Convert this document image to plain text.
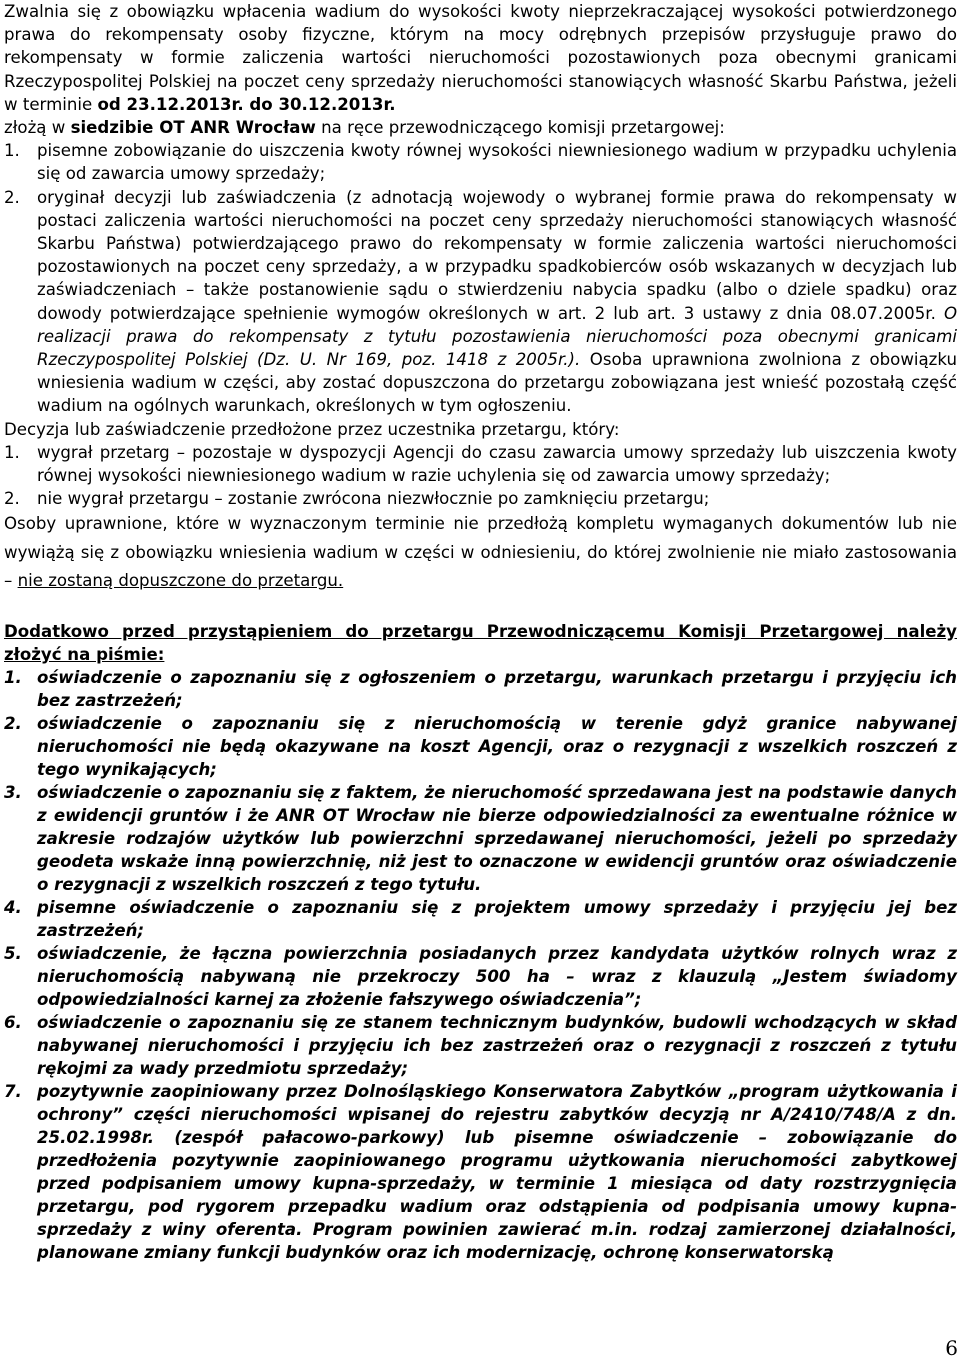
Zwalnia się z obowiązku wpłacenia wadium do wysokości kwoty nieprzekraczającej wysokości potwierdzonego prawa do rekompensaty osoby fizyczne, którym na mocy odrębnych przepisów przysługuje prawo do rekompensaty w formie zaliczenia wartości nieruchomości pozostawionych poza obecnymi granicami Rzeczypospolitej Polskiej na poczet ceny sprzedaży nieruchomości stanowiących własność Skarbu Państwa, jeżeli w terminie od 23.12.2013r. do 30.12.2013r.
złożą w siedzibie OT ANR Wrocław na ręce przewodniczącego komisji przetargowej:

1.	pisemne zobowiązanie do uiszczenia kwoty równej wysokości niewniesionego wadium w przypadku uchylenia się od zawarcia umowy sprzedaży;
2.	oryginał decyzji lub zaświadczenia (z adnotacją wojewody o wybranej formie prawa do rekompensaty w postaci zaliczenia wartości nieruchomości na poczet ceny sprzedaży nieruchomości stanowiących własność Skarbu Państwa) potwierdzającego prawo do rekompensaty w formie zaliczenia wartości nieruchomości pozostawionych na poczet ceny sprzedaży, a w przypadku spadkobierców osób wskazanych w decyzjach lub zaświadczeniach – także postanowienie sądu o stwierdzeniu nabycia spadku (albo o dziele spadku) oraz dowody potwierdzające spełnienie wymogów określonych w art. 2 lub art. 3 ustawy z dnia 08.07.2005r. O realizacji prawa do rekompensaty z tytułu pozostawienia nieruchomości poza obecnymi granicami Rzeczypospolitej Polskiej (Dz. U. Nr 169, poz. 1418 z 2005r.). Osoba uprawniona zwolniona z obowiązku wniesienia wadium w części, aby zostać dopuszczona do przetargu zobowiązana jest wnieść pozostałą część wadium na ogólnych warunkach, określonych w tym ogłoszeniu.

Decyzja lub zaświadczenie przedłożone przez uczestnika przetargu, który:

1.	wygrał przetarg – pozostaje w dyspozycji Agencji do czasu zawarcia umowy sprzedaży lub uiszczenia kwoty równej wysokości niewniesionego wadium w razie uchylenia się od zawarcia umowy sprzedaży;
2.	nie wygrał przetargu – zostanie zwrócona niezwłocznie po zamknięciu przetargu;

Osoby uprawnione, które w wyznaczonym terminie nie przedłożą kompletu wymaganych dokumentów lub nie wywiążą się z obowiązku wniesienia wadium w części w odniesieniu, do której zwolnienie nie miało zastosowania – nie zostaną dopuszczone do przetargu.

Dodatkowo przed przystąpieniem do przetargu Przewodniczącemu Komisji Przetargowej należy złożyć na piśmie:

1. oświadczenie o zapoznaniu się z ogłoszeniem o przetargu, warunkach przetargu i przyjęciu ich bez zastrzeżeń;
2. oświadczenie o zapoznaniu się z nieruchomością w terenie gdyż granice nabywanej nieruchomości nie będą okazywane na koszt Agencji, oraz o rezygnacji z wszelkich roszczeń z tego wynikających;
3. oświadczenie o zapoznaniu się z faktem, że nieruchomość sprzedawana jest na podstawie danych z ewidencji gruntów i że ANR OT Wrocław nie bierze odpowiedzialności za ewentualne różnice w zakresie rodzajów użytków lub powierzchni sprzedawanej nieruchomości, jeżeli po sprzedaży geodeta wskaże inną powierzchnię, niż jest to oznaczone w ewidencji gruntów oraz oświadczenie o rezygnacji z wszelkich roszczeń z tego tytułu.
4. pisemne oświadczenie o zapoznaniu się z projektem umowy sprzedaży i przyjęciu jej bez zastrzeżeń;
5. oświadczenie, że łączna powierzchnia posiadanych przez kandydata użytków rolnych wraz z nieruchomością nabywaną nie przekroczy 500 ha – wraz z klauzulą „Jestem świadomy odpowiedzialności karnej za złożenie fałszywego oświadczenia”;
6. oświadczenie o zapoznaniu się ze stanem technicznym budynków, budowli wchodzących w skład nabywanej nieruchomości i przyjęciu ich bez zastrzeżeń oraz o rezygnacji z roszczeń z tytułu rękojmi za wady przedmiotu sprzedaży;
7. pozytywnie zaopiniowany przez Dolnośląskiego Konserwatora Zabytków „program użytkowania i ochrony” części nieruchomości wpisanej do rejestru zabytków decyzją nr A/2410/748/A z dn. 25.02.1998r. (zespół pałacowo-parkowy) lub pisemne oświadczenie – zobowiązanie do przedłożenia pozytywnie zaopiniowanego programu użytkowania nieruchomości zabytkowej przed podpisaniem umowy kupna-sprzedaży, w terminie 1 miesiąca od daty rozstrzygnięcia przetargu, pod rygorem przepadku wadium oraz odstąpienia od podpisania umowy kupna-sprzedaży z winy oferenta. Program powinien zawierać m.in. rodzaj zamierzonej działalności, planowane zmiany funkcji budynków oraz ich modernizację, ochronę konserwatorską
6
